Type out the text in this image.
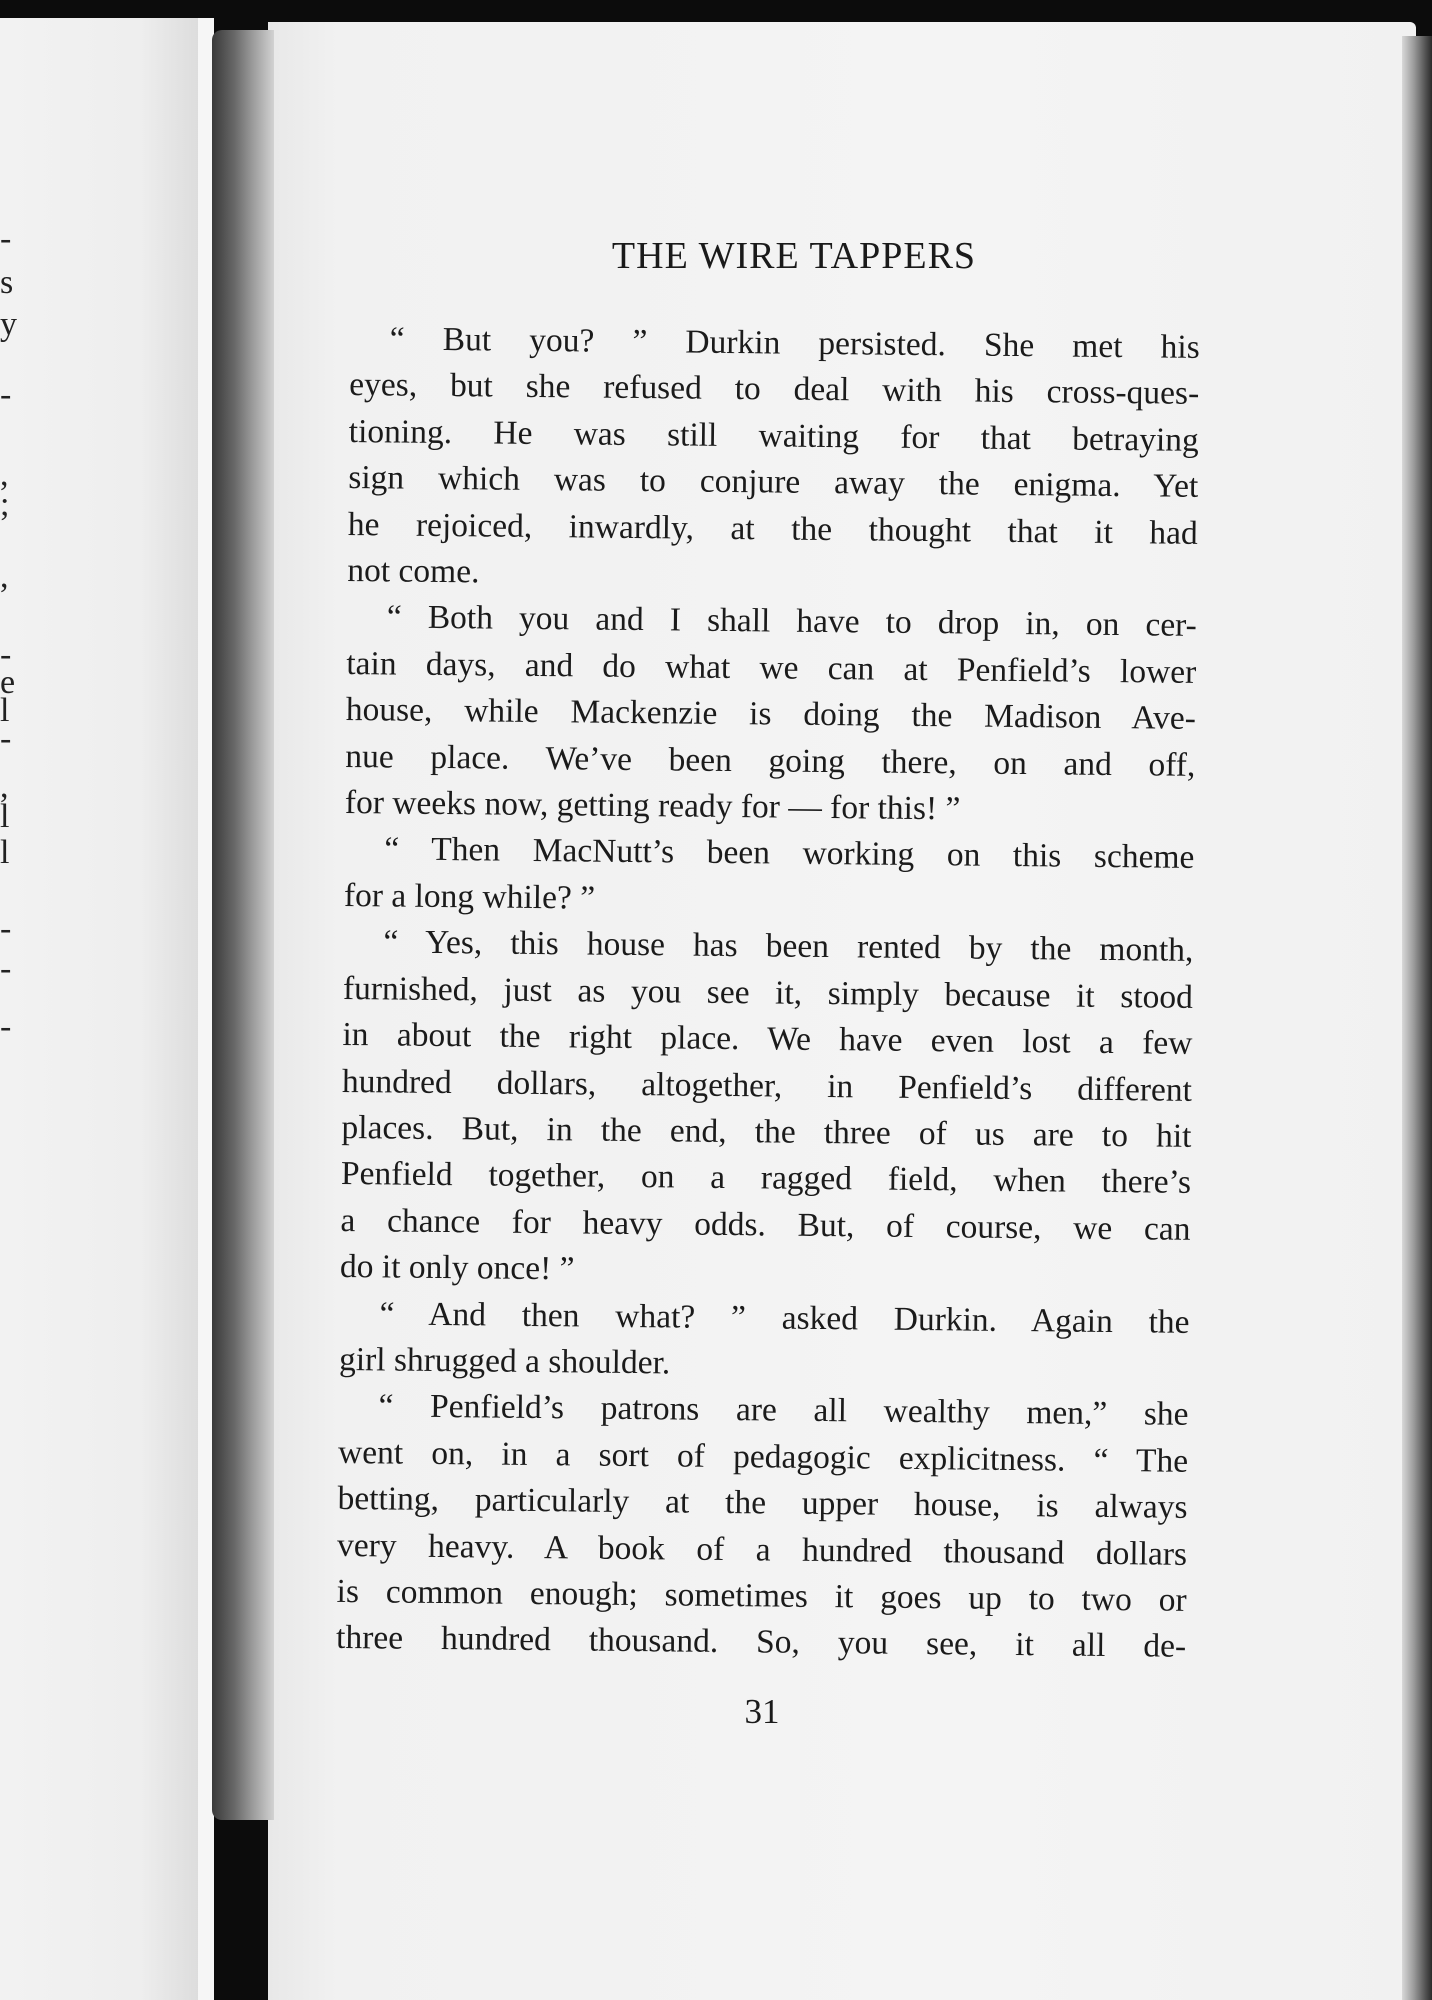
-
s
y
-
,
;
,
-
e
l
-
,
l
l
-
-
-
THE WIRE TAPPERS
“ But you? ” Durkin persisted. She met his
eyes, but she refused to deal with his cross-ques-
tioning. He was still waiting for that betraying
sign which was to conjure away the enigma. Yet
he rejoiced, inwardly, at the thought that it had
not come.
“ Both you and I shall have to drop in, on cer-
tain days, and do what we can at Penfield’s lower
house, while Mackenzie is doing the Madison Ave-
nue place. We’ve been going there, on and off,
for weeks now, getting ready for — for this! ”
“ Then MacNutt’s been working on this scheme
for a long while? ”
“ Yes, this house has been rented by the month,
furnished, just as you see it, simply because it stood
in about the right place. We have even lost a few
hundred dollars, altogether, in Penfield’s different
places. But, in the end, the three of us are to hit
Penfield together, on a ragged field, when there’s
a chance for heavy odds. But, of course, we can
do it only once! ”
“ And then what? ” asked Durkin. Again the
girl shrugged a shoulder.
“ Penfield’s patrons are all wealthy men,” she
went on, in a sort of pedagogic explicitness. “ The
betting, particularly at the upper house, is always
very heavy. A book of a hundred thousand dollars
is common enough; sometimes it goes up to two or
three hundred thousand. So, you see, it all de-
31
